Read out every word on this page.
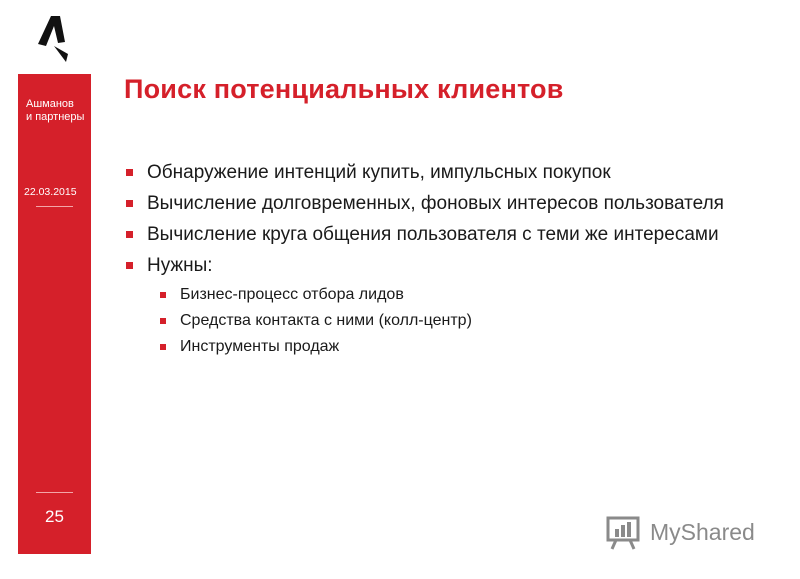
Ашманов
и партнеры
22.03.2015
25
Поиск потенциальных клиентов
Обнаружение интенций купить, импульсных покупок
Вычисление долговременных, фоновых интересов пользователя
Вычисление круга общения пользователя с теми же интересами
Нужны:
Бизнес-процесс отбора лидов
Средства контакта с ними (колл-центр)
Инструменты продаж
MyShared
